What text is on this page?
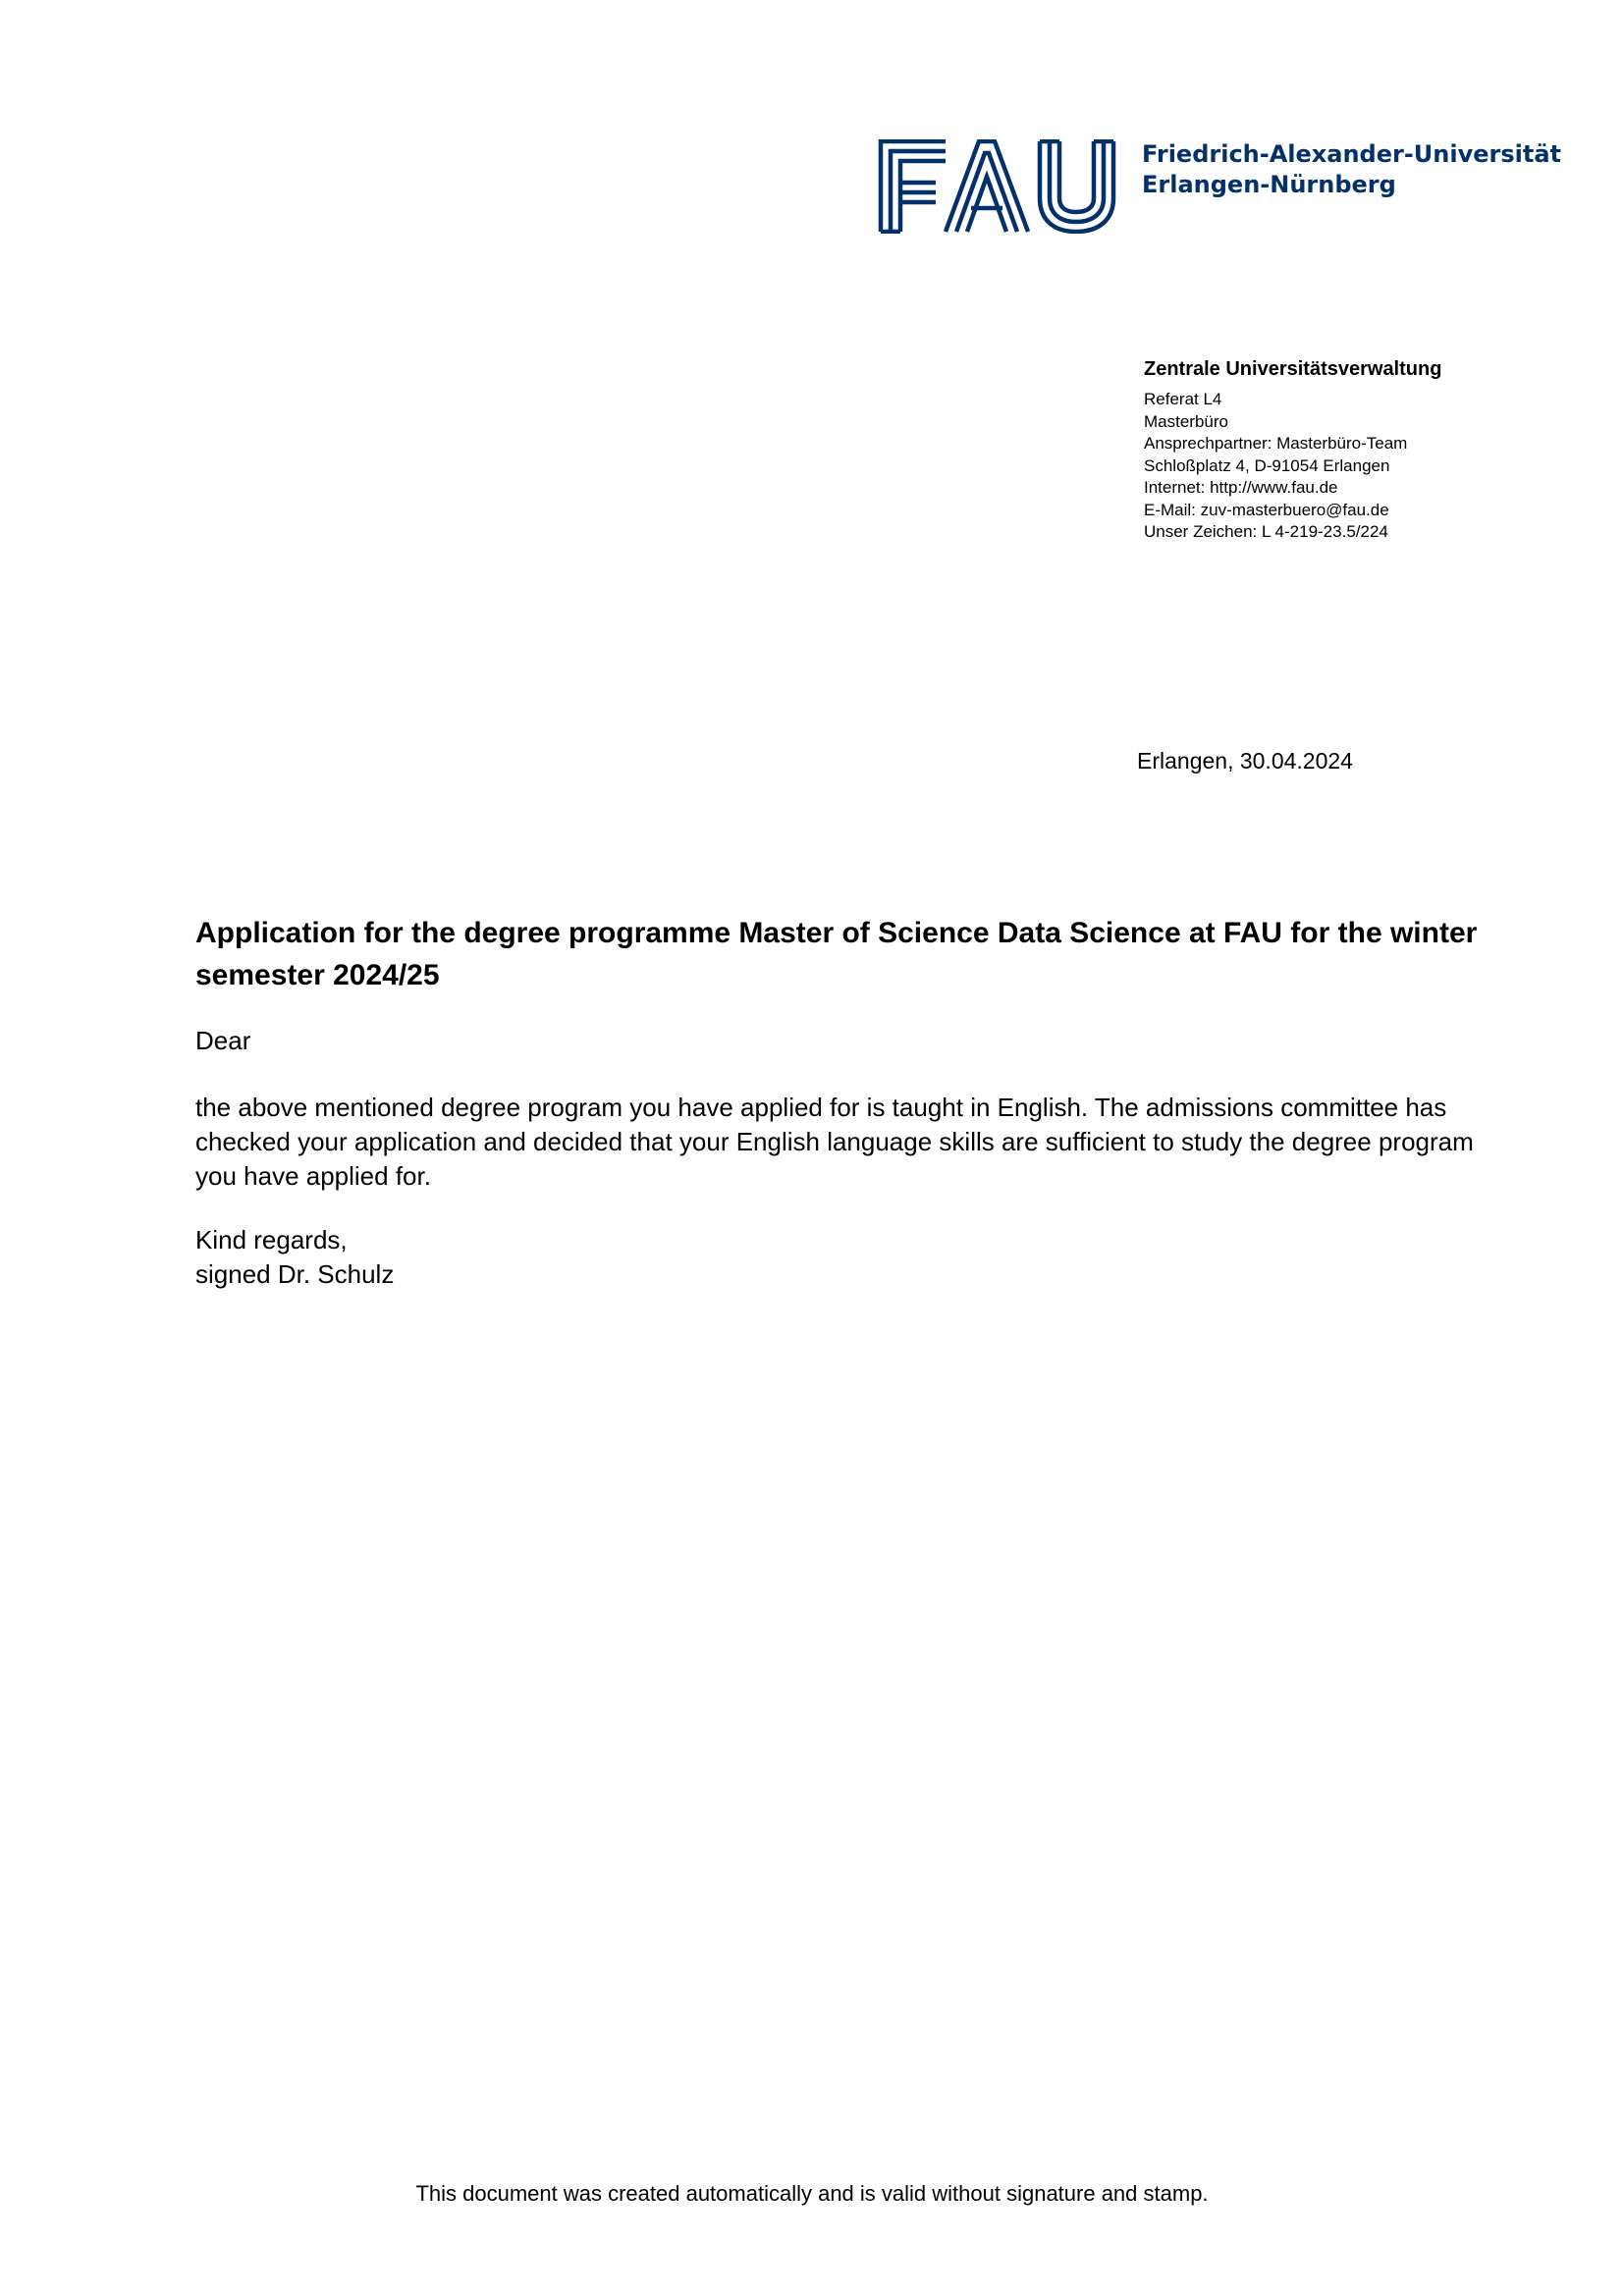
Friedrich-Alexander-Universität
Erlangen-Nürnberg
Zentrale Universitätsverwaltung
Referat L4
Masterbüro
Ansprechpartner: Masterbüro-Team
Schloßplatz 4, D-91054 Erlangen
Internet: http://www.fau.de
E-Mail: zuv-masterbuero@fau.de
Unser Zeichen: L 4-219-23.5/224
Erlangen, 30.04.2024
Application for the degree programme Master of Science Data Science at FAU for the winter semester 2024/25
Dear
the above mentioned degree program you have applied for is taught in English. The admissions committee has checked your application and decided that your English language skills are sufficient to study the degree program you have applied for.
Kind regards,
signed Dr. Schulz
This document was created automatically and is valid without signature and stamp.
